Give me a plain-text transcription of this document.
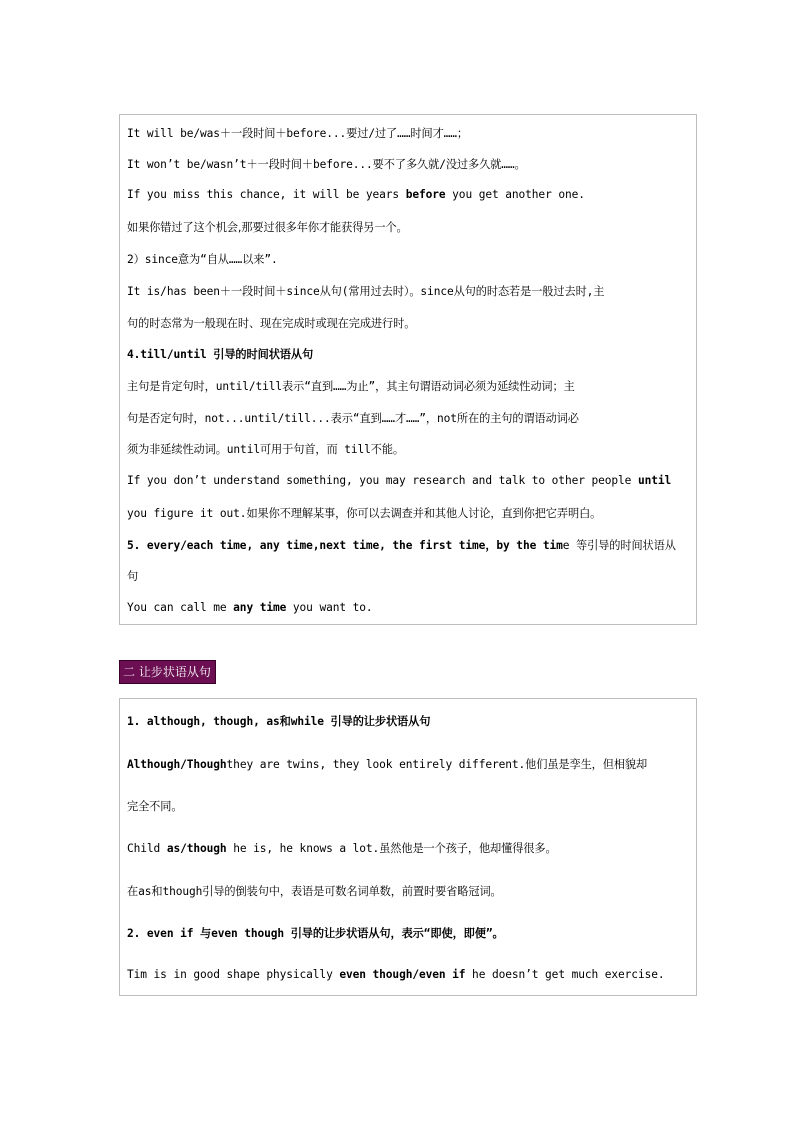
It will be/was＋一段时间＋before...要过/过了……时间才……；
It won’t be/wasn’t＋一段时间＋before...要不了多久就/没过多久就……。
If you miss this chance, it will be years before you get another one.
如果你错过了这个机会,那要过很多年你才能获得另一个。
2）since意为“自从……以来”.
It is/has been＋一段时间＋since从句(常用过去时）。since从句的时态若是一般过去时,主
句的时态常为一般现在时、现在完成时或现在完成进行时。
4.till/until 引导的时间状语从句
主句是肯定句时，until/till表示“直到……为止”，其主句谓语动词必须为延续性动词；主
句是否定句时，not...until/till...表示“直到……才……”，not所在的主句的谓语动词必
须为非延续性动词。until可用于句首，而 till不能。
If you don’t understand something, you may research and talk to other people until
you figure it out.如果你不理解某事，你可以去调查并和其他人讨论，直到你把它弄明白。
5. every/each time, any time,next time, the first time，by the time 等引导的时间状语从
句
You can call me any time you want to.
二 让步状语从句
1. although, though, as和while 引导的让步状语从句
Although/Thoughthey are twins, they look entirely different.他们虽是孪生，但相貌却
完全不同。
Child as/though he is, he knows a lot.虽然他是一个孩子，他却懂得很多。
在as和though引导的倒装句中，表语是可数名词单数，前置时要省略冠词。
2. even if 与even though 引导的让步状语从句，表示“即使，即便”。
Tim is in good shape physically even though/even if he doesn’t get much exercise.
